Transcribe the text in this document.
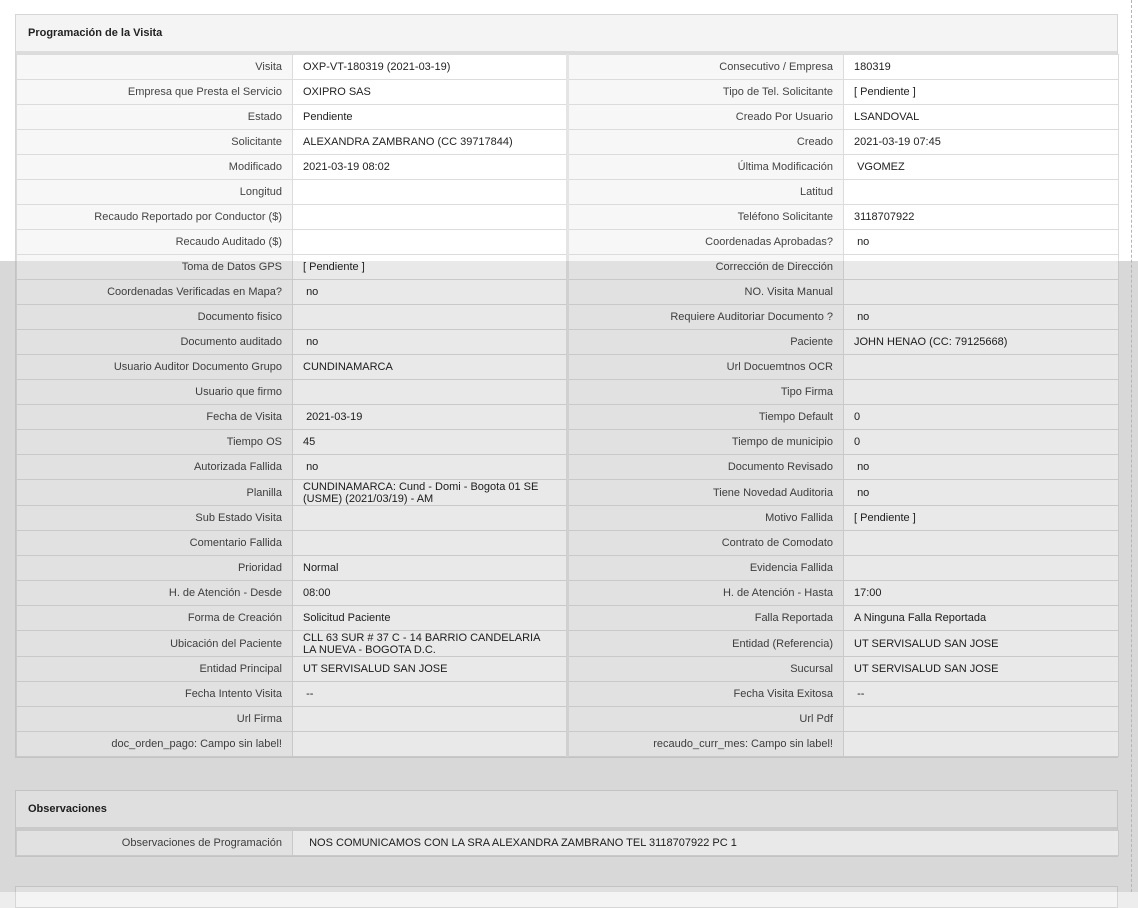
Programación de la Visita
Visita	OXP-VT-180319 (2021-03-19)	Consecutivo / Empresa	180319
Empresa que Presta el Servicio	OXIPRO SAS	Tipo de Tel. Solicitante	[ Pendiente ]
Estado	Pendiente	Creado Por Usuario	LSANDOVAL
Solicitante	ALEXANDRA ZAMBRANO (CC 39717844)	Creado	2021-03-19 07:45
Modificado	2021-03-19 08:02	Última Modificación	VGOMEZ
Longitud		Latitud	
Recaudo Reportado por Conductor ($)		Teléfono Solicitante	3118707922
Recaudo Auditado ($)		Coordenadas Aprobadas?	no
Toma de Datos GPS	[ Pendiente ]	Corrección de Dirección	
Coordenadas Verificadas en Mapa?	no	NO. Visita Manual	
Documento fisico		Requiere Auditoriar Documento ?	no
Documento auditado	no	Paciente	JOHN HENAO (CC: 79125668)
Usuario Auditor Documento Grupo	CUNDINAMARCA	Url Docuemtnos OCR	
Usuario que firmo		Tipo Firma	
Fecha de Visita	2021-03-19	Tiempo Default	0
Tiempo OS	45	Tiempo de municipio	0
Autorizada Fallida	no	Documento Revisado	no
Planilla	CUNDINAMARCA: Cund - Domi - Bogota 01 SE (USME) (2021/03/19) - AM	Tiene Novedad Auditoria	no
Sub Estado Visita		Motivo Fallida	[ Pendiente ]
Comentario Fallida		Contrato de Comodato	
Prioridad	Normal	Evidencia Fallida	
H. de Atención - Desde	08:00	H. de Atención - Hasta	17:00
Forma de Creación	Solicitud Paciente	Falla Reportada	A Ninguna Falla Reportada
Ubicación del Paciente	CLL 63 SUR # 37 C - 14 BARRIO CANDELARIA LA NUEVA - BOGOTA D.C.	Entidad (Referencia)	UT SERVISALUD SAN JOSE
Entidad Principal	UT SERVISALUD SAN JOSE	Sucursal	UT SERVISALUD SAN JOSE
Fecha Intento Visita	--	Fecha Visita Exitosa	--
Url Firma		Url Pdf	
doc_orden_pago: Campo sin label!		recaudo_curr_mes: Campo sin label!	
Observaciones
Observaciones de Programación	NOS COMUNICAMOS CON LA SRA ALEXANDRA ZAMBRANO TEL 3118707922 PC 1
